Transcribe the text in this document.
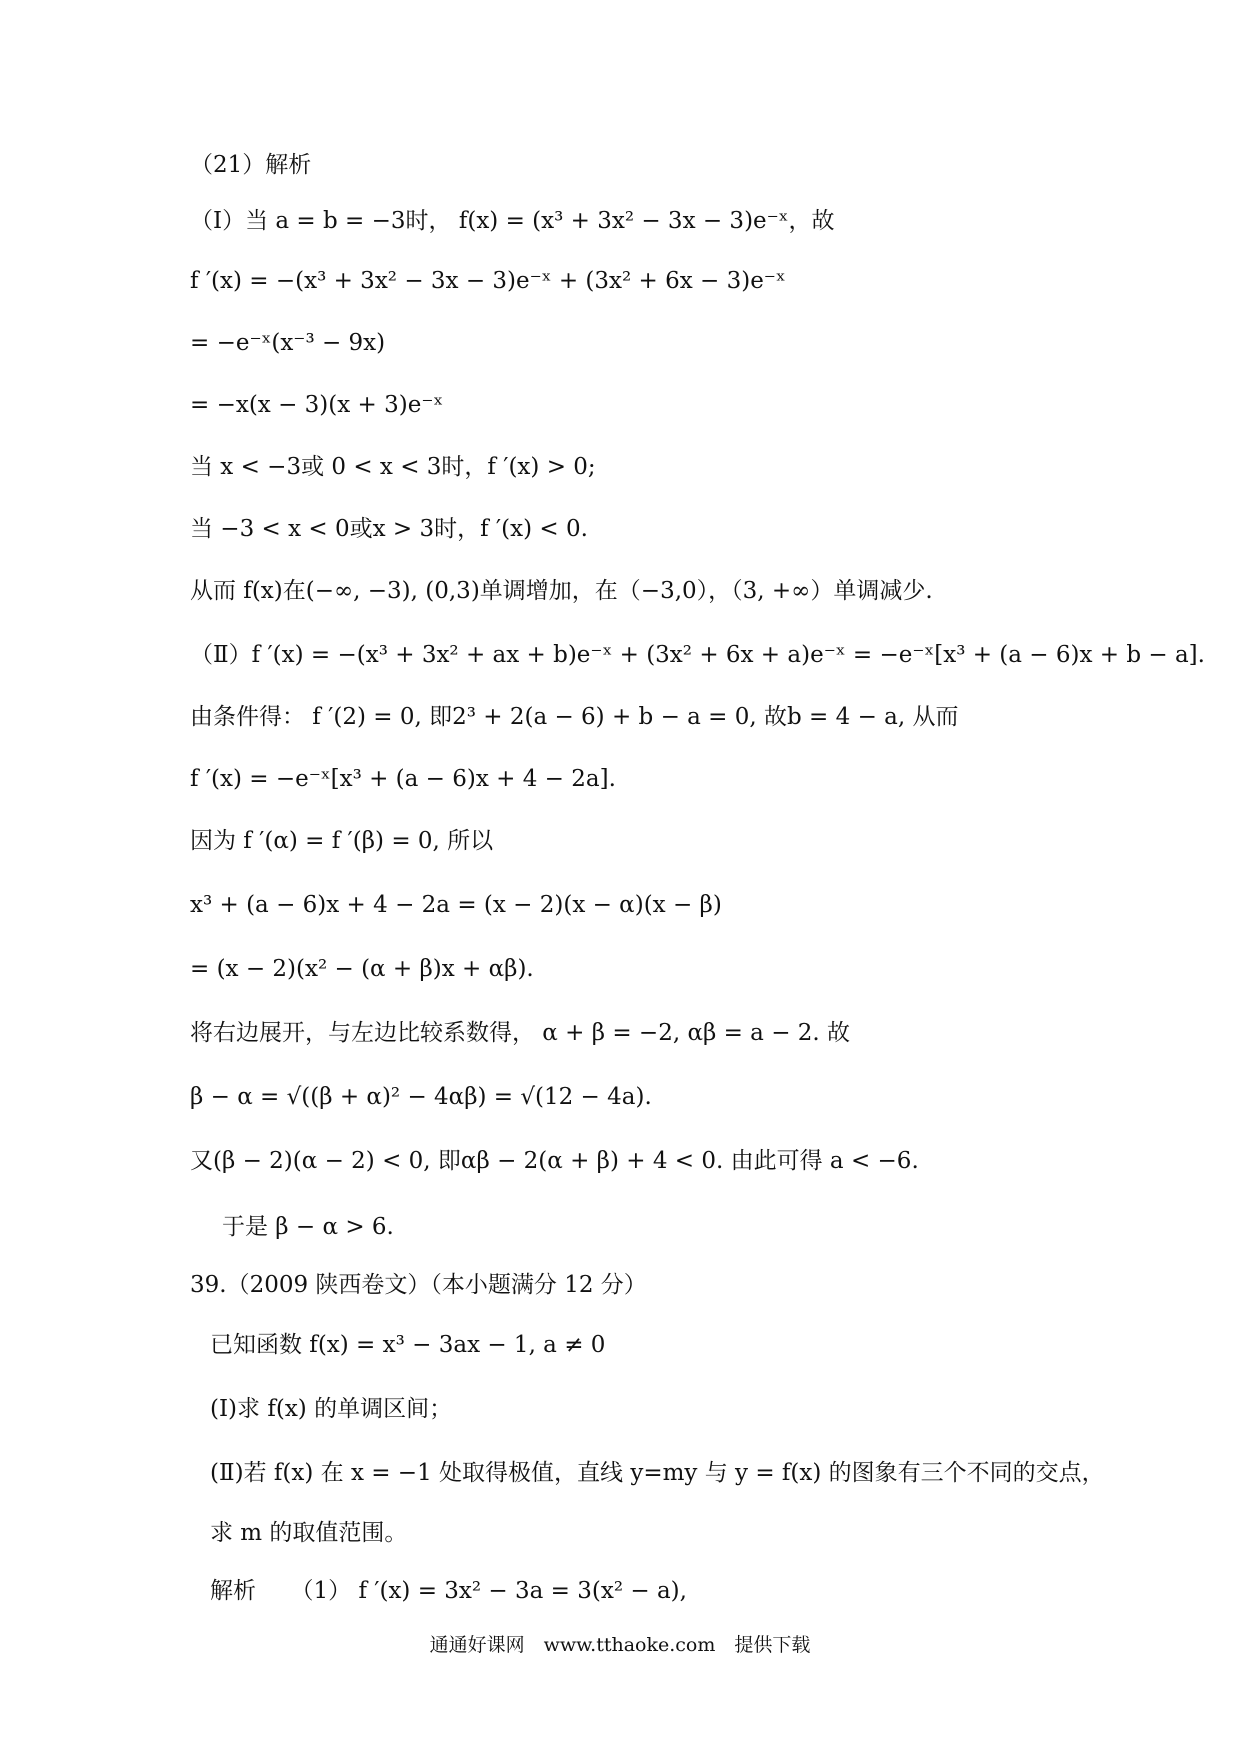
（21）解析
（Ⅰ）当 a = b = −3时， f(x) = (x³ + 3x² − 3x − 3)e⁻ˣ，故
f ′(x) = −(x³ + 3x² − 3x − 3)e⁻ˣ + (3x² + 6x − 3)e⁻ˣ
= −e⁻ˣ(x⁻³ − 9x)
= −x(x − 3)(x + 3)e⁻ˣ
当 x < −3或 0 < x < 3时，f ′(x) > 0;
当 −3 < x < 0或x > 3时，f ′(x) < 0.
从而 f(x)在(−∞, −3), (0,3)单调增加，在（−3,0），（3, +∞）单调减少.
（Ⅱ）f ′(x) = −(x³ + 3x² + ax + b)e⁻ˣ + (3x² + 6x + a)e⁻ˣ = −e⁻ˣ[x³ + (a − 6)x + b − a].
由条件得： f ′(2) = 0, 即2³ + 2(a − 6) + b − a = 0, 故b = 4 − a, 从而
f ′(x) = −e⁻ˣ[x³ + (a − 6)x + 4 − 2a].
因为 f ′(α) = f ′(β) = 0, 所以
x³ + (a − 6)x + 4 − 2a = (x − 2)(x − α)(x − β)
= (x − 2)(x² − (α + β)x + αβ).
将右边展开，与左边比较系数得， α + β = −2, αβ = a − 2. 故
β − α = √((β + α)² − 4αβ) = √(12 − 4a).
又(β − 2)(α − 2) < 0, 即αβ − 2(α + β) + 4 < 0. 由此可得 a < −6.
于是 β − α > 6.
39.（2009 陕西卷文）（本小题满分 12 分）
已知函数 f(x) = x³ − 3ax − 1, a ≠ 0
(Ⅰ)求 f(x) 的单调区间；
(Ⅱ)若 f(x) 在 x = −1 处取得极值，直线 y=my 与 y = f(x) 的图象有三个不同的交点，
求 m 的取值范围。
解析　　（1） f ′(x) = 3x² − 3a = 3(x² − a),
通通好课网　www.tthaoke.com　提供下载
